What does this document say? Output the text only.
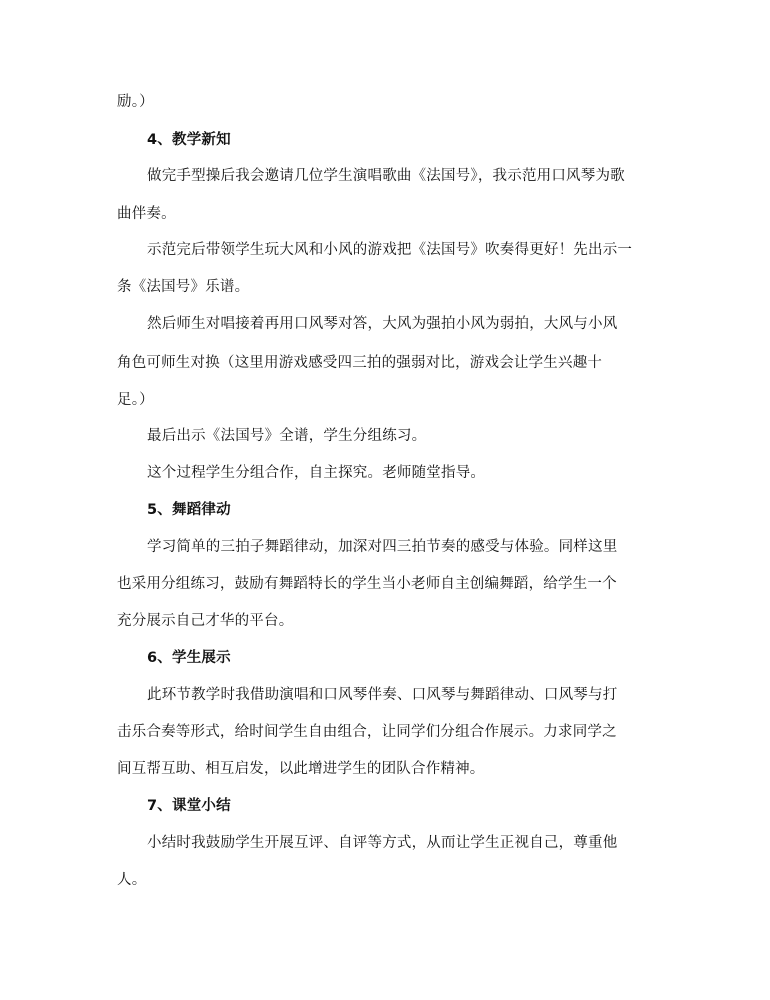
励。）
4、教学新知
做完手型操后我会邀请几位学生演唱歌曲《法国号》，我示范用口风琴为歌
曲伴奏。
示范完后带领学生玩大风和小风的游戏把《法国号》吹奏得更好！先出示一
条《法国号》乐谱。
然后师生对唱接着再用口风琴对答，大风为强拍小风为弱拍，大风与小风
角色可师生对换（这里用游戏感受四三拍的强弱对比，游戏会让学生兴趣十
足。）
最后出示《法国号》全谱，学生分组练习。
这个过程学生分组合作，自主探究。老师随堂指导。
5、舞蹈律动
学习简单的三拍子舞蹈律动，加深对四三拍节奏的感受与体验。同样这里
也采用分组练习，鼓励有舞蹈特长的学生当小老师自主创编舞蹈，给学生一个
充分展示自己才华的平台。
6、学生展示
此环节教学时我借助演唱和口风琴伴奏、口风琴与舞蹈律动、口风琴与打
击乐合奏等形式，给时间学生自由组合，让同学们分组合作展示。力求同学之
间互帮互助、相互启发，以此增进学生的团队合作精神。
7、课堂小结
小结时我鼓励学生开展互评、自评等方式，从而让学生正视自己，尊重他
人。
